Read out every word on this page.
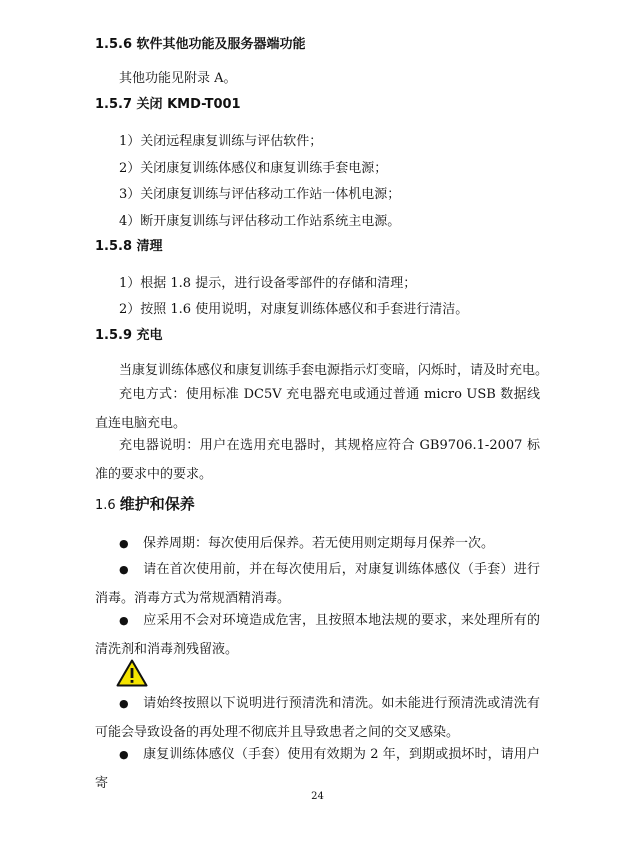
1.5.6 软件其他功能及服务器端功能
其他功能见附录 A。
1.5.7 关闭 KMD-T001
1）关闭远程康复训练与评估软件；
2）关闭康复训练体感仪和康复训练手套电源；
3）关闭康复训练与评估移动工作站一体机电源；
4）断开康复训练与评估移动工作站系统主电源。
1.5.8 清理
1）根据 1.8 提示，进行设备零部件的存储和清理；
2）按照 1.6 使用说明，对康复训练体感仪和手套进行清洁。
1.5.9 充电
当康复训练体感仪和康复训练手套电源指示灯变暗，闪烁时，请及时充电。

充电方式：使用标准 DC5V 充电器充电或通过普通 micro USB 数据线直连电脑充电。

充电器说明：用户在选用充电器时，其规格应符合 GB9706.1-2007 标准的要求中的要求。

1.6 维护和保养

● 保养周期：每次使用后保养。若无使用则定期每月保养一次。

● 请在首次使用前，并在每次使用后，对康复训练体感仪（手套）进行消毒。消毒方式为常规酒精消毒。

● 应采用不会对环境造成危害，且按照本地法规的要求，来处理所有的清洗剂和消毒剂残留液。

● 请始终按照以下说明进行预清洗和清洗。如未能进行预清洗或清洗有可能会导致设备的再处理不彻底并且导致患者之间的交叉感染。

● 康复训练体感仪（手套）使用有效期为 2 年，到期或损坏时，请用户寄

24
